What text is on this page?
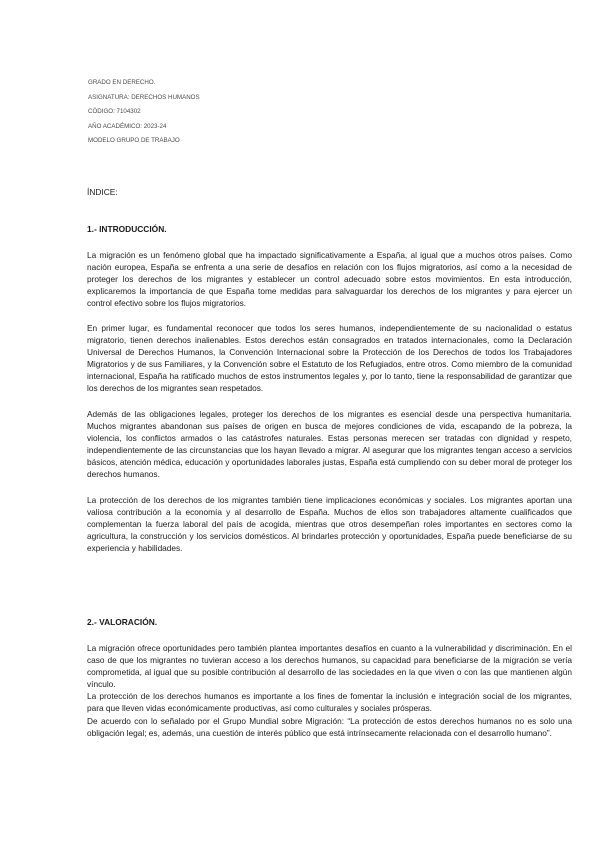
GRADO EN DERECHO.
ASIGNATURA: DERECHOS HUMANOS
CÓDIGO: 7104302
AÑO ACADÉMICO: 2023-24
MODELO GRUPO DE TRABAJO
ÍNDICE:
1.- INTRODUCCIÓN.

La migración es un fenómeno global que ha impactado significativamente a España, al igual que a muchos otros países. Como nación europea, España se enfrenta a una serie de desafíos en relación con los flujos migratorios, así como a la necesidad de proteger los derechos de los migrantes y establecer un control adecuado sobre estos movimientos. En esta introducción, explicaremos la importancia de que España tome medidas para salvaguardar los derechos de los migrantes y para ejercer un control efectivo sobre los flujos migratorios.

En primer lugar, es fundamental reconocer que todos los seres humanos, independientemente de su nacionalidad o estatus migratorio, tienen derechos inalienables. Estos derechos están consagrados en tratados internacionales, como la Declaración Universal de Derechos Humanos, la Convención Internacional sobre la Protección de los Derechos de todos los Trabajadores Migratorios y de sus Familiares, y la Convención sobre el Estatuto de los Refugiados, entre otros. Como miembro de la comunidad internacional, España ha ratificado muchos de estos instrumentos legales y, por lo tanto, tiene la responsabilidad de garantizar que los derechos de los migrantes sean respetados.

Además de las obligaciones legales, proteger los derechos de los migrantes es esencial desde una perspectiva humanitaria. Muchos migrantes abandonan sus países de origen en busca de mejores condiciones de vida, escapando de la pobreza, la violencia, los conflictos armados o las catástrofes naturales. Estas personas merecen ser tratadas con dignidad y respeto, independientemente de las circunstancias que los hayan llevado a migrar. Al asegurar que los migrantes tengan acceso a servicios básicos, atención médica, educación y oportunidades laborales justas, España está cumpliendo con su deber moral de proteger los derechos humanos.

La protección de los derechos de los migrantes también tiene implicaciones económicas y sociales. Los migrantes aportan una valiosa contribución a la economía y al desarrollo de España. Muchos de ellos son trabajadores altamente cualificados que complementan la fuerza laboral del país de acogida, mientras que otros desempeñan roles importantes en sectores como la agricultura, la construcción y los servicios domésticos. Al brindarles protección y oportunidades, España puede beneficiarse de su experiencia y habilidades.

2.- VALORACIÓN.

La migración ofrece oportunidades pero también plantea importantes desafíos en cuanto a la vulnerabilidad y discriminación. En el caso de que los migrantes no tuvieran acceso a los derechos humanos, su capacidad para beneficiarse de la migración se vería comprometida, al igual que su posible contribución al desarrollo de las sociedades en la que viven o con las que mantienen algún vínculo.

La protección de los derechos humanos es importante a los fines de fomentar la inclusión e integración social de los migrantes, para que lleven vidas económicamente productivas, así como culturales y sociales prósperas.

De acuerdo con lo señalado por el Grupo Mundial sobre Migración: “La protección de estos derechos humanos no es solo una obligación legal; es, además, una cuestión de interés público que está intrínsecamente relacionada con el desarrollo humano”.
